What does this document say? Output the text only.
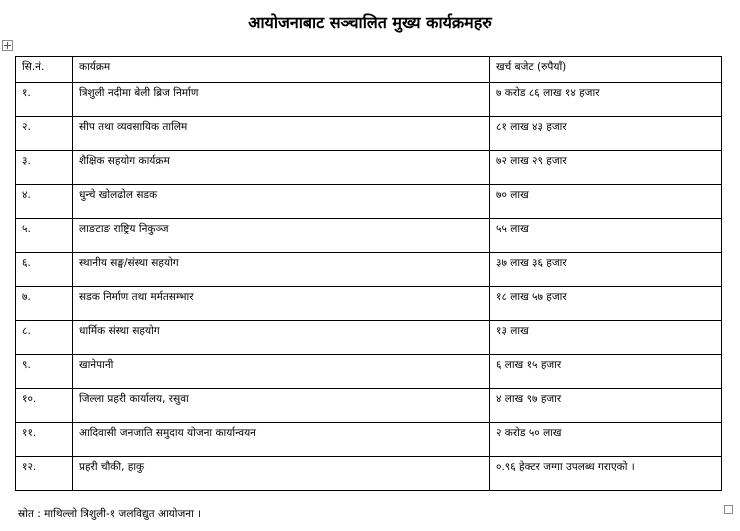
आयोजनाबाट सञ्चालित मुख्य कार्यक्रमहरु
सि.नं.	कार्यक्रम	खर्च बजेट (रुपैयाँ)
१.	त्रिशुली नदीमा बेली ब्रिज निर्माण	७ करोड ८६ लाख १४ हजार
२.	सीप तथा व्यवसायिक तालिम	८१ लाख ४३ हजार
३.	शैक्षिक सहयोग कार्यक्रम	७२ लाख २९ हजार
४.	धुन्चे खोलढोल सडक	७० लाख
५.	लाङटाङ राष्ट्रिय निकुञ्ज	५५ लाख
६.	स्थानीय सङ्घ/संस्था सहयोग	३७ लाख ३६ हजार
७.	सडक निर्माण तथा मर्मतसम्भार	१८ लाख ५७ हजार
८.	धार्मिक संस्था सहयोग	१३ लाख
९.	खानेपानी	६ लाख १५ हजार
१०.	जिल्ला प्रहरी कार्यालय, रसुवा	४ लाख ९७ हजार
११.	आदिवासी जनजाति समुदाय योजना कार्यान्वयन	२ करोड ५० लाख
१२.	प्रहरी चौकी, हाकु	०.९६ हेक्टर जग्गा उपलब्ध गराएको ।
स्रोत : माथिल्लो त्रिशुली-१ जलविद्युत आयोजना ।
